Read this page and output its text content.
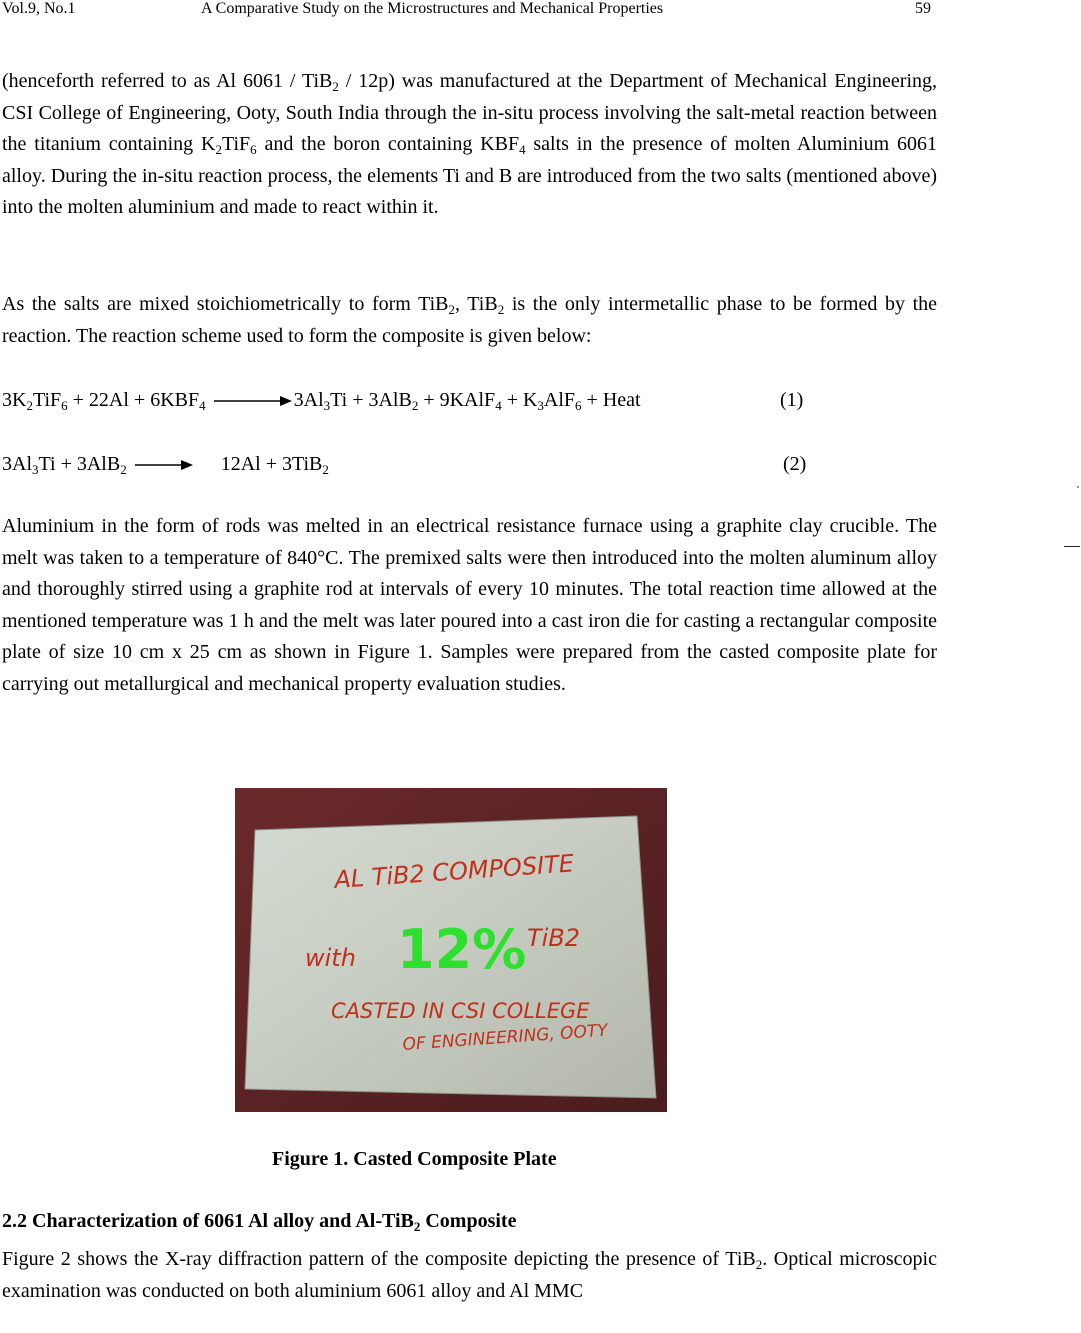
Vol.9, No.1	A Comparative Study on the Microstructures and Mechanical Properties	59

(henceforth referred to as Al 6061 / TiB$_2$ / 12p) was manufactured at the Department of Mechanical Engineering, CSI College of Engineering, Ooty, South India through the in-situ process involving the salt-metal reaction between the titanium containing $K_2TiF_6$ and the boron containing $KBF_4$ salts in the presence of molten Aluminium 6061 alloy. During the in-situ reaction process, the elements Ti and B are introduced from the two salts (mentioned above) into the molten aluminium and made to react within it.

As the salts are mixed stoichiometrically to form TiB$_2$, TiB$_2$ is the only intermetallic phase to be formed by the reaction. The reaction scheme used to form the composite is given below:

$3K_2TiF_6 + 22Al + 6KBF_4 \to 3Al_3Ti + 3AlB_2$ + 9KAlF$_4$ + $K_3AlF_6$ + Heat	(1)
$3Al_3Ti + 3AlB_2 \to 12Al + 3TiB_2$	(2)

Aluminium in the form of rods was melted in an electrical resistance furnace using a graphite clay crucible. The melt was taken to a temperature of 840°C. The premixed salts were then introduced into the molten aluminum alloy and thoroughly stirred using a graphite rod at intervals of every 10 minutes. The total reaction time allowed at the mentioned temperature was 1 h and the melt was later poured into a cast iron die for casting a rectangular composite plate of size 10 cm x 25 cm as shown in Figure 1. Samples were prepared from the casted composite plate for carrying out metallurgical and mechanical property evaluation studies.

AL TiB2 COMPOSITE
with 12% TiB2
CASTED IN CSI COLLEGE
OF ENGINEERING, OOTY
Figure 1. Casted Composite Plate
2.2 Characterization of 6061 Al alloy and Al-TiB$_2$ Composite

Figure 2 shows the X-ray diffraction pattern of the composite depicting the presence of TiB$_2$. Optical microscopic examination was conducted on both aluminium 6061 alloy and Al MMC
